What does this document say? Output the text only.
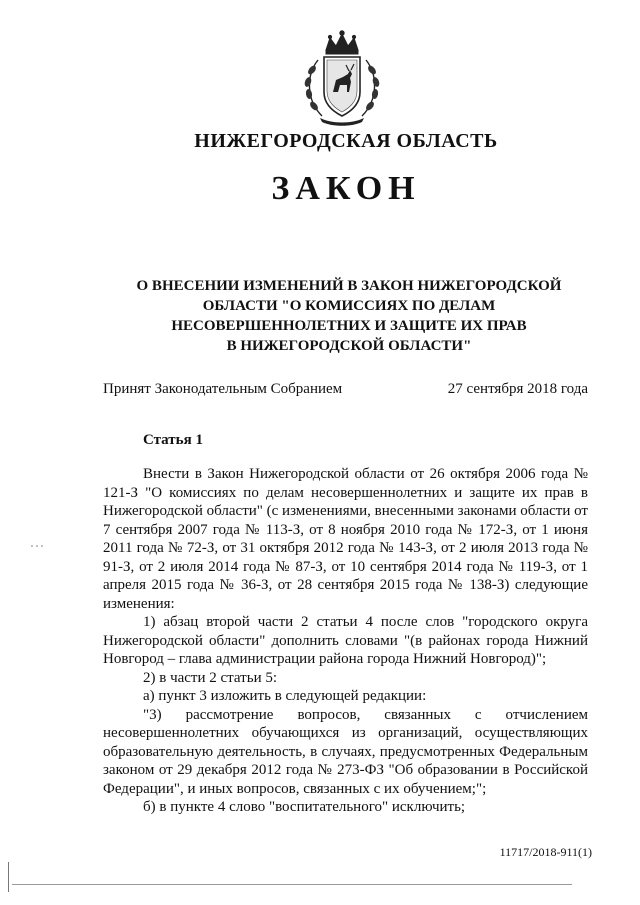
НИЖЕГОРОДСКАЯ ОБЛАСТЬ
ЗАКОН
О ВНЕСЕНИИ ИЗМЕНЕНИЙ В ЗАКОН НИЖЕГОРОДСКОЙ
ОБЛАСТИ "О КОМИССИЯХ ПО ДЕЛАМ
НЕСОВЕРШЕННОЛЕТНИХ И ЗАЩИТЕ ИХ ПРАВ
В НИЖЕГОРОДСКОЙ ОБЛАСТИ"
Принят Законодательным Собранием	27 сентября 2018 года
Статья 1

Внести в Закон Нижегородской области от 26 октября 2006 года № 121-З "О комиссиях по делам несовершеннолетних и защите их прав в Нижегородской области" (с изменениями, внесенными законами области от 7 сентября 2007 года № 113-З, от 8 ноября 2010 года № 172-З, от 1 июня 2011 года № 72-З, от 31 октября 2012 года № 143-З, от 2 июля 2013 года № 91-З, от 2 июля 2014 года № 87-З, от 10 сентября 2014 года № 119-З, от 1 апреля 2015 года № 36-З, от 28 сентября 2015 года № 138-З) следующие изменения:

1) абзац второй части 2 статьи 4 после слов "городского округа Нижегородской области" дополнить словами "(в районах города Нижний Новгород – глава администрации района города Нижний Новгород)";

2) в части 2 статьи 5:

а) пункт 3 изложить в следующей редакции:

"3) рассмотрение вопросов, связанных с отчислением несовершеннолетних обучающихся из организаций, осуществляющих образовательную деятельность, в случаях, предусмотренных Федеральным законом от 29 декабря 2012 года № 273-ФЗ "Об образовании в Российской Федерации", и иных вопросов, связанных с их обучением;";

б) в пункте 4 слово "воспитательного" исключить;

11717/2018-911(1)
